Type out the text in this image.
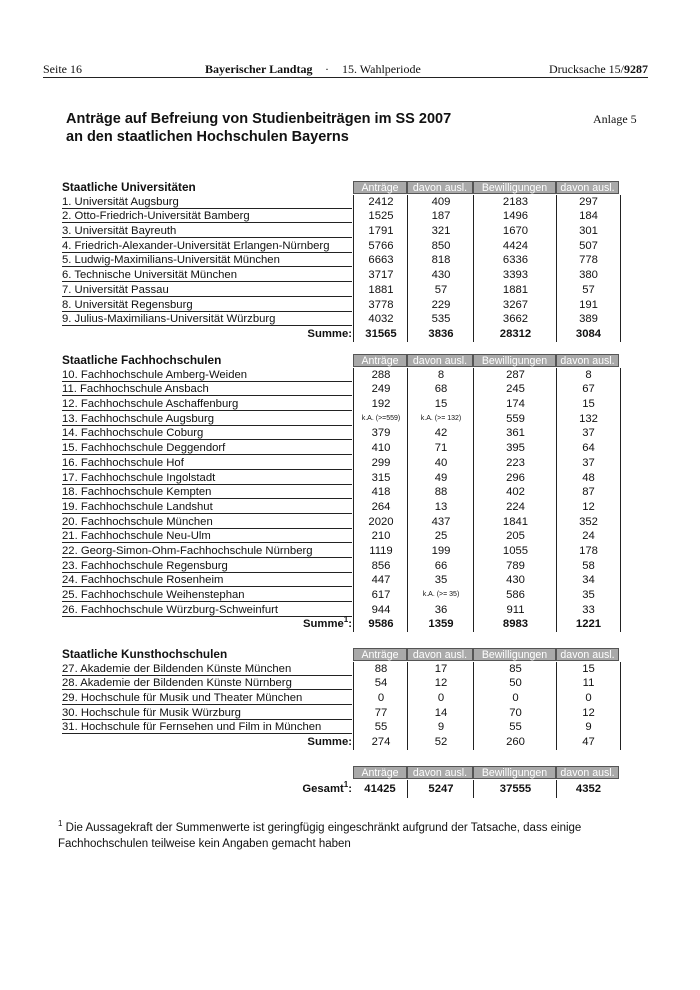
Seite 16	Bayerischer Landtag · 15. Wahlperiode	Drucksache 15/9287
Anträge auf Befreiung von Studienbeiträgen im SS 2007
an den staatlichen Hochschulen Bayerns
Anlage 5
Staatliche Universitäten	Anträge	davon ausl.	Bewilligungen	davon ausl.
1. Universität Augsburg	2412	409	2183	297
2. Otto-Friedrich-Universität Bamberg	1525	187	1496	184
3. Universität Bayreuth	1791	321	1670	301
4. Friedrich-Alexander-Universität Erlangen-Nürnberg	5766	850	4424	507
5. Ludwig-Maximilians-Universität München	6663	818	6336	778
6. Technische Universität München	3717	430	3393	380
7. Universität Passau	1881	57	1881	57
8. Universität Regensburg	3778	229	3267	191
9. Julius-Maximilians-Universität Würzburg	4032	535	3662	389
Summe:	31565	3836	28312	3084
Staatliche Fachhochschulen	Anträge	davon ausl.	Bewilligungen	davon ausl.
10. Fachhochschule Amberg-Weiden	288	8	287	8
11. Fachhochschule Ansbach	249	68	245	67
12. Fachhochschule Aschaffenburg	192	15	174	15
13. Fachhochschule Augsburg	k.A. (>=559)	k.A. (>= 132)	559	132
14. Fachhochschule Coburg	379	42	361	37
15. Fachhochschule Deggendorf	410	71	395	64
16. Fachhochschule Hof	299	40	223	37
17. Fachhochschule Ingolstadt	315	49	296	48
18. Fachhochschule Kempten	418	88	402	87
19. Fachhochschule Landshut	264	13	224	12
20. Fachhochschule München	2020	437	1841	352
21. Fachhochschule Neu-Ulm	210	25	205	24
22. Georg-Simon-Ohm-Fachhochschule Nürnberg	1119	199	1055	178
23. Fachhochschule Regensburg	856	66	789	58
24. Fachhochschule Rosenheim	447	35	430	34
25. Fachhochschule Weihenstephan	617	k.A. (>= 35)	586	35
26. Fachhochschule Würzburg-Schweinfurt	944	36	911	33
Summe$^1$:	9586	1359	8983	1221
Staatliche Kunsthochschulen	Anträge	davon ausl.	Bewilligungen	davon ausl.
27. Akademie der Bildenden Künste München	88	17	85	15
28. Akademie der Bildenden Künste Nürnberg	54	12	50	11
29. Hochschule für Musik und Theater München	0	0	0	0
30. Hochschule für Musik Würzburg	77	14	70	12
31. Hochschule für Fernsehen und Film in München	55	9	55	9
Summe:	274	52	260	47
Anträge	davon ausl.	Bewilligungen	davon ausl.
Gesamt$^1$:	41425	5247	37555	4352
$^1$ Die Aussagekraft der Summenwerte ist geringfügig eingeschränkt aufgrund der Tatsache, dass einige Fachhochschulen teilweise kein Angaben gemacht haben
